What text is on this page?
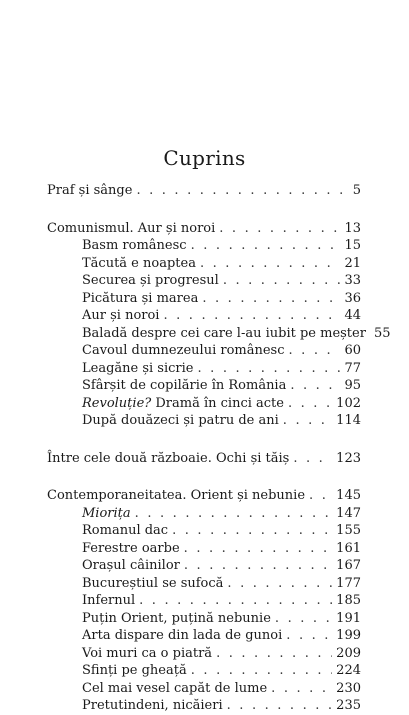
Cuprins
Praf și sânge . . .	5
Comunismul. Aur și noroi . . .	13
Basm românesc . . .	15
Tăcută e noaptea . . .	21
Securea și progresul . . .	33
Picătura și marea . . .	36
Aur și noroi . . .	44
Baladă despre cei care l-au iubit pe meșter 55
Cavoul dumnezeului românesc . . .	60
Leagăne și sicrie . . .	77
Sfârșit de copilărie în România . . .	95
Revoluție? Dramă în cinci acte . . .	102
După douăzeci și patru de ani . . .	114
Între cele două războaie. Ochi și tăiș . . .	123
Contemporaneitatea. Orient și nebunie . . . 145
Miorița . . .	147
Romanul dac . . .	155
Ferestre oarbe . . .	161
Orașul câinilor . . .	167
Bucureștiul se sufocă . . .	177
Infernul . . .	185
Puțin Orient, puțină nebunie . . .	191
Arta dispare din lada de gunoi . . .	199
Voi muri ca o piatră . . .	209
Sfinți pe gheață . . .	224
Cel mai vesel capăt de lume . . .	230
Pretutindeni, nicăieri . . .	235
